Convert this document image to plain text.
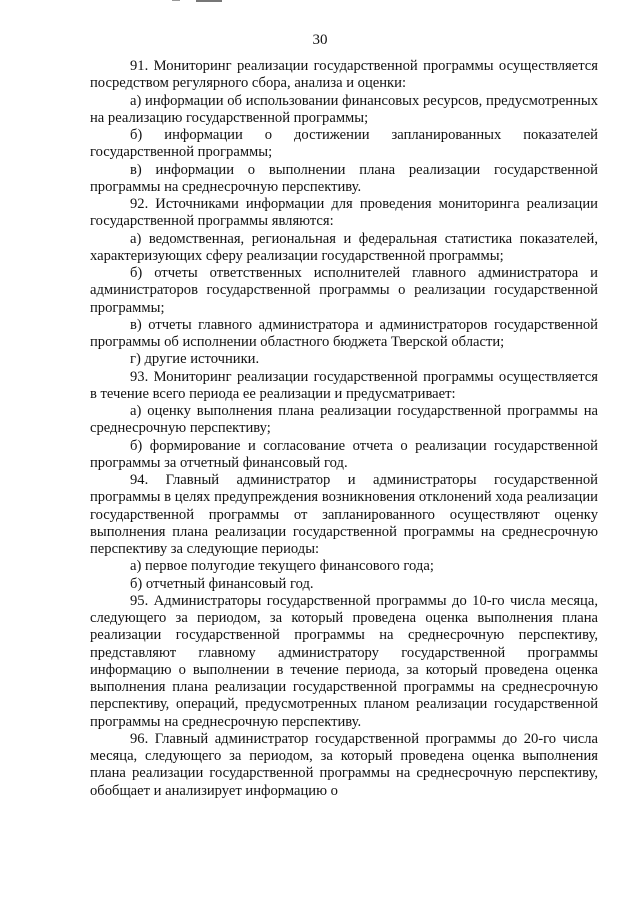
30

91. Мониторинг реализации государственной программы осуществляется посредством регулярного сбора, анализа и оценки:

а) информации об использовании финансовых ресурсов, предусмотренных на реализацию государственной программы;

б) информации о достижении запланированных показателей государственной программы;

в) информации о выполнении плана реализации государственной программы на среднесрочную перспективу.

92. Источниками информации для проведения мониторинга реализации государственной программы являются:

а) ведомственная, региональная и федеральная статистика показателей, характеризующих сферу реализации государственной программы;

б) отчеты ответственных исполнителей главного администратора и администраторов государственной программы о реализации государственной программы;

в) отчеты главного администратора и администраторов государственной программы об исполнении областного бюджета Тверской области;

г) другие источники.

93. Мониторинг реализации государственной программы осуществляется в течение всего периода ее реализации и предусматривает:

а) оценку выполнения плана реализации государственной программы на среднесрочную перспективу;

б) формирование и согласование отчета о реализации государственной программы за отчетный финансовый год.

94. Главный администратор и администраторы государственной программы в целях предупреждения возникновения отклонений хода реализации государственной программы от запланированного осуществляют оценку выполнения плана реализации государственной программы на среднесрочную перспективу за следующие периоды:

а) первое полугодие текущего финансового года;

б) отчетный финансовый год.

95. Администраторы государственной программы до 10-го числа месяца, следующего за периодом, за который проведена оценка выполнения плана реализации государственной программы на среднесрочную перспективу, представляют главному администратору государственной программы информацию о выполнении в течение периода, за который проведена оценка выполнения плана реализации государственной программы на среднесрочную перспективу, операций, предусмотренных планом реализации государственной программы на среднесрочную перспективу.

96. Главный администратор государственной программы до 20-го числа месяца, следующего за периодом, за который проведена оценка выполнения плана реализации государственной программы на среднесрочную перспективу, обобщает и анализирует информацию о
